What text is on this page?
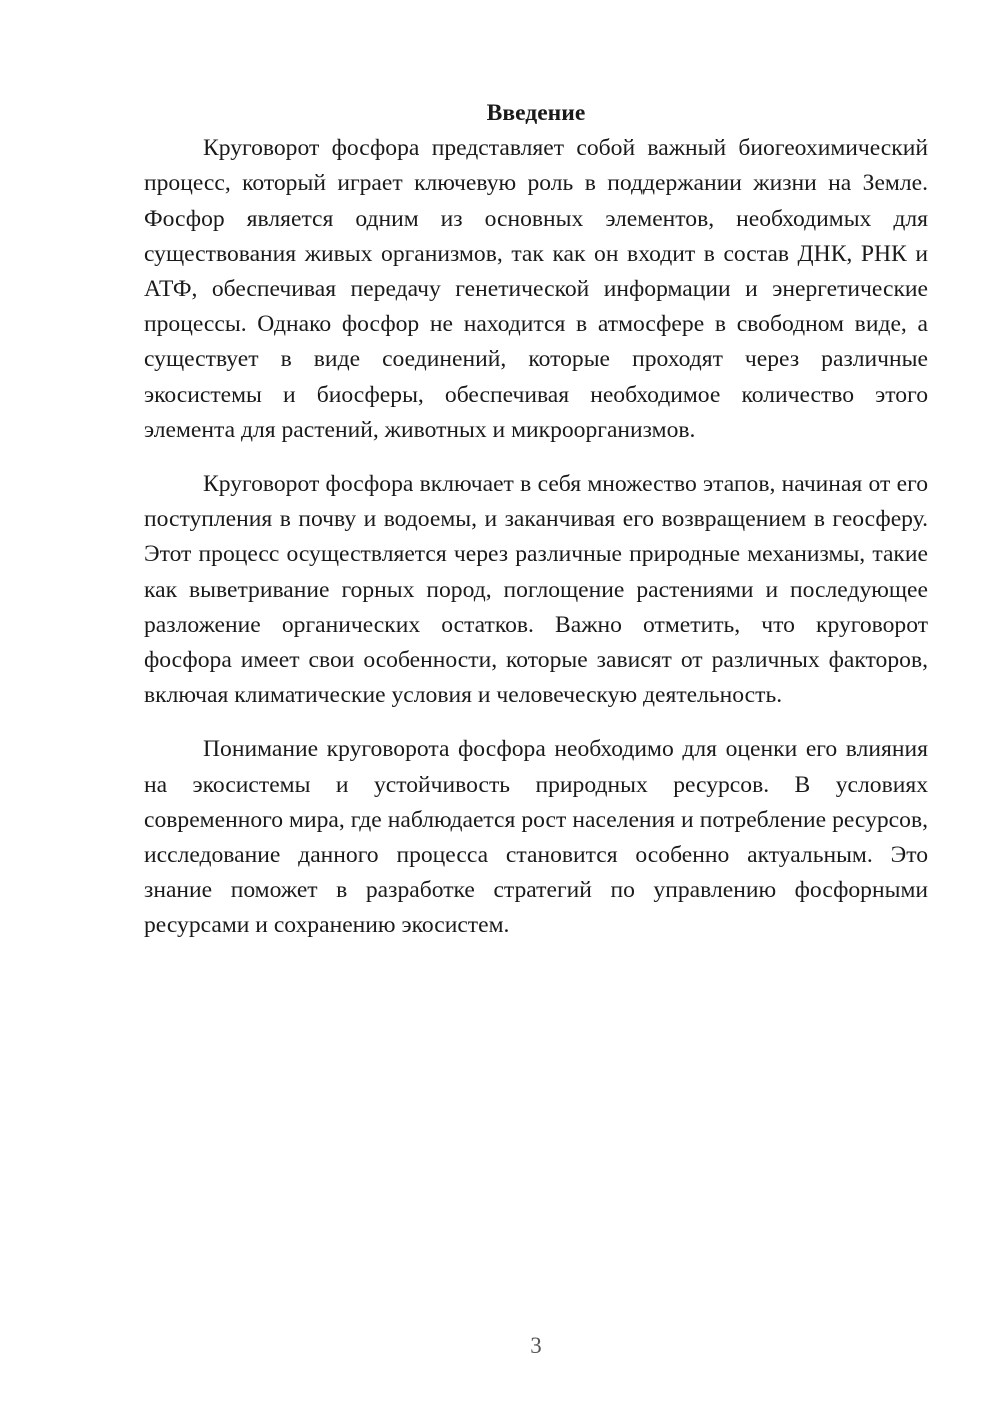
Введение

Круговорот фосфора представляет собой важный биогеохимический процесс, который играет ключевую роль в поддержании жизни на Земле. Фосфор является одним из основных элементов, необходимых для существования живых организмов, так как он входит в состав ДНК, РНК и АТФ, обеспечивая передачу генетической информации и энергетические процессы. Однако фосфор не находится в атмосфере в свободном виде, а существует в виде соединений, которые проходят через различные экосистемы и биосферы, обеспечивая необходимое количество этого элемента для растений, животных и микроорганизмов.

Круговорот фосфора включает в себя множество этапов, начиная от его поступления в почву и водоемы, и заканчивая его возвращением в геосферу. Этот процесс осуществляется через различные природные механизмы, такие как выветривание горных пород, поглощение растениями и последующее разложение органических остатков. Важно отметить, что круговорот фосфора имеет свои особенности, которые зависят от различных факторов, включая климатические условия и человеческую деятельность.

Понимание круговорота фосфора необходимо для оценки его влияния на экосистемы и устойчивость природных ресурсов. В условиях современного мира, где наблюдается рост населения и потребление ресурсов, исследование данного процесса становится особенно актуальным. Это знание поможет в разработке стратегий по управлению фосфорными ресурсами и сохранению экосистем.

3
